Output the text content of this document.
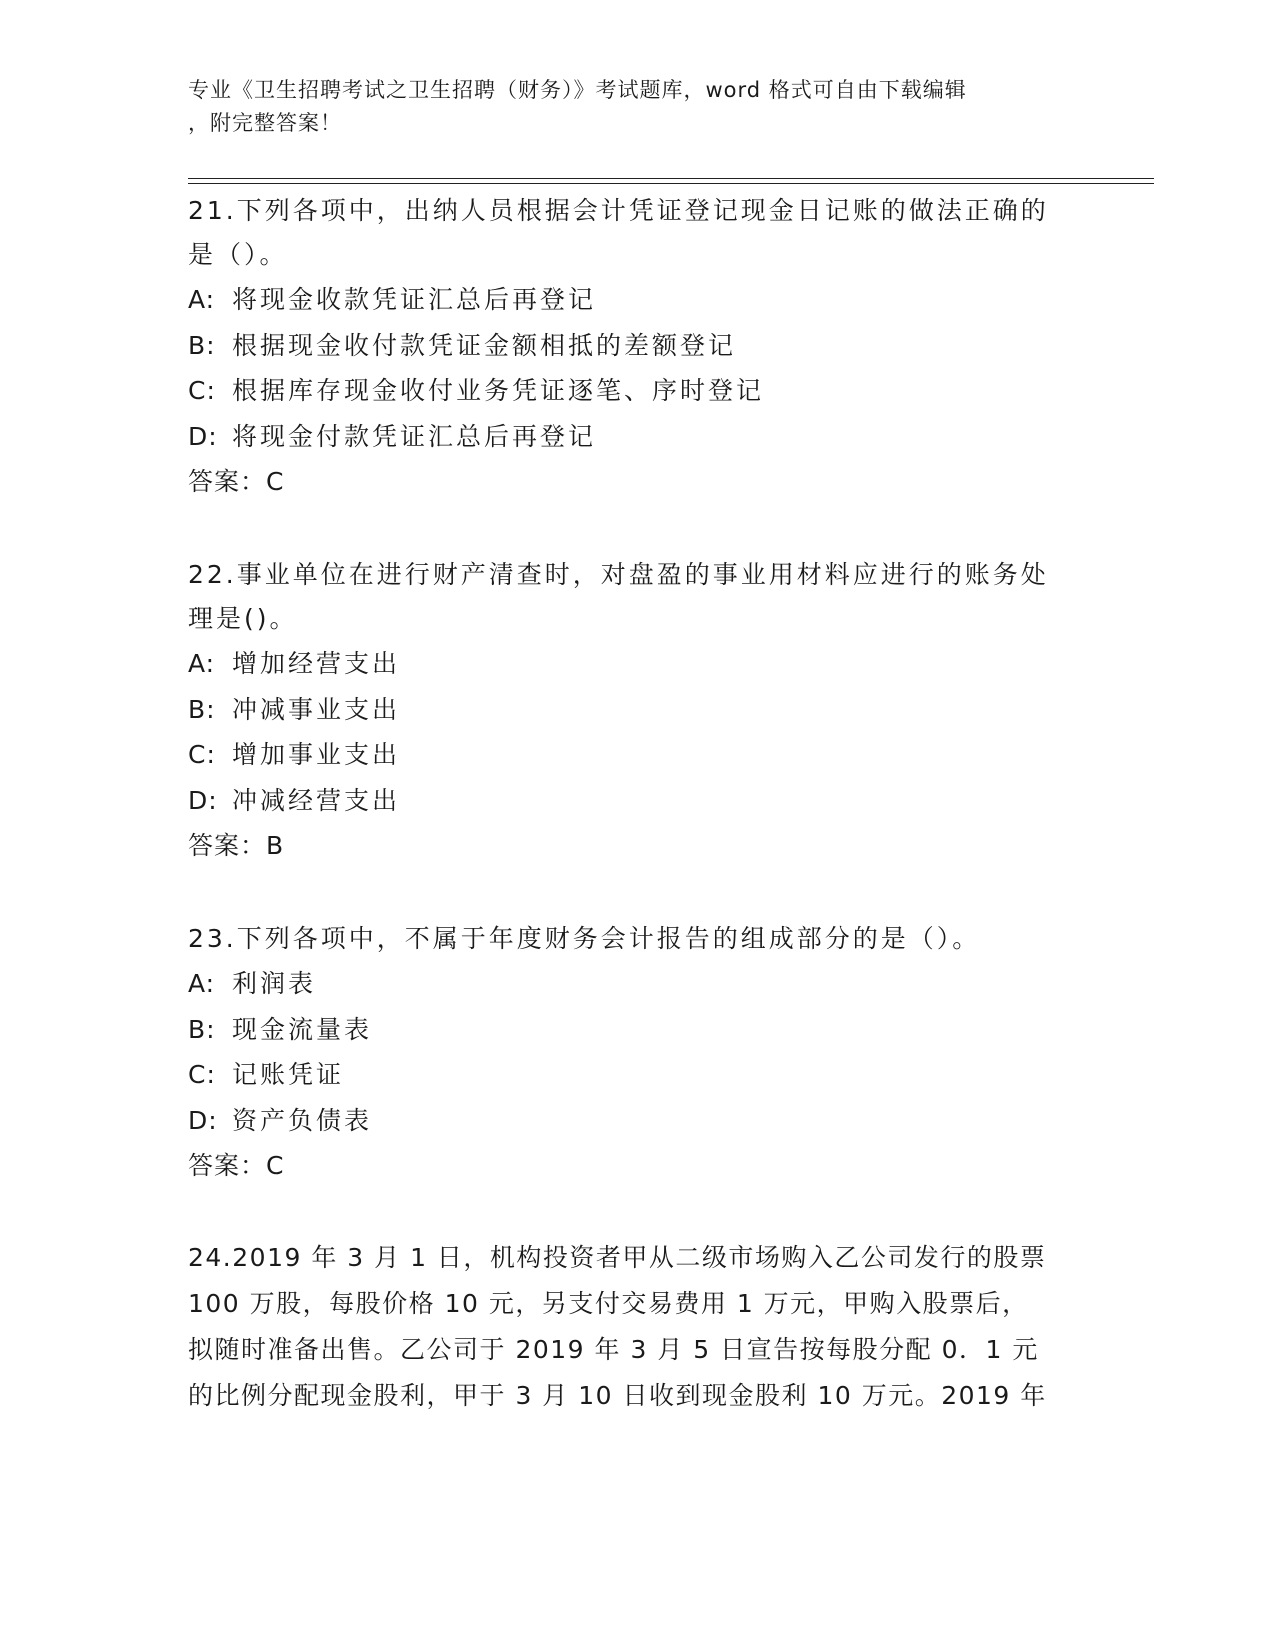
专业《卫生招聘考试之卫生招聘（财务）》考试题库，word 格式可自由下载编辑
，附完整答案！
21.下列各项中，出纳人员根据会计凭证登记现金日记账的做法正确的
是（）。
A: 将现金收款凭证汇总后再登记
B: 根据现金收付款凭证金额相抵的差额登记
C: 根据库存现金收付业务凭证逐笔、序时登记
D: 将现金付款凭证汇总后再登记
答案：C
22.事业单位在进行财产清查时，对盘盈的事业用材料应进行的账务处
理是()。
A: 增加经营支出
B: 冲减事业支出
C: 增加事业支出
D: 冲减经营支出
答案：B
23.下列各项中，不属于年度财务会计报告的组成部分的是（）。
A: 利润表
B: 现金流量表
C: 记账凭证
D: 资产负债表
答案：C
24.2019 年 3 月 1 日，机构投资者甲从二级市场购入乙公司发行的股票
100 万股，每股价格 10 元，另支付交易费用 1 万元，甲购入股票后，
拟随时准备出售。乙公司于 2019 年 3 月 5 日宣告按每股分配 0．1 元
的比例分配现金股利，甲于 3 月 10 日收到现金股利 10 万元。2019 年
